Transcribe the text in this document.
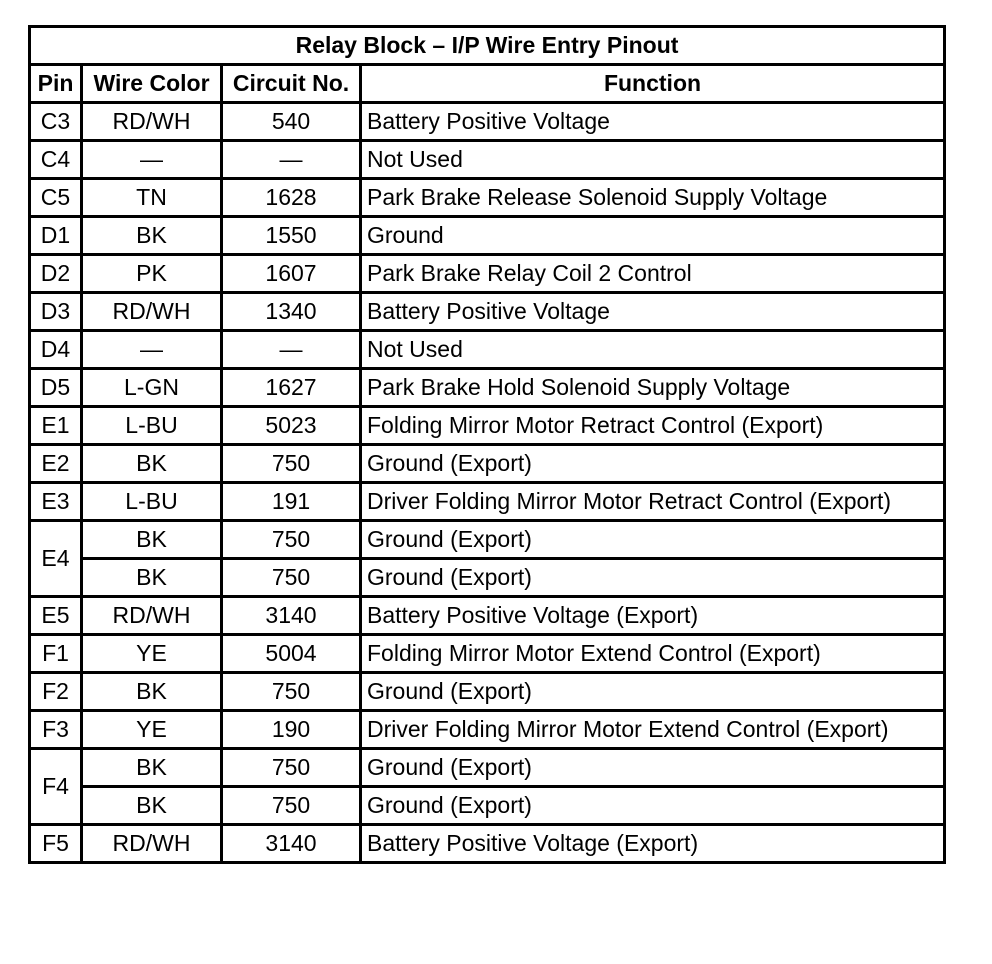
Relay Block – I/P Wire Entry Pinout			
Pin	Wire Color	Circuit No.	Function
C3	RD/WH	540	Battery Positive Voltage
C4	—	—	Not Used
C5	TN	1628	Park Brake Release Solenoid Supply Voltage
D1	BK	1550	Ground
D2	PK	1607	Park Brake Relay Coil 2 Control
D3	RD/WH	1340	Battery Positive Voltage
D4	—	—	Not Used
D5	L-GN	1627	Park Brake Hold Solenoid Supply Voltage
E1	L-BU	5023	Folding Mirror Motor Retract Control (Export)
E2	BK	750	Ground (Export)
E3	L-BU	191	Driver Folding Mirror Motor Retract Control (Export)
E4	BK	750	Ground (Export)
	BK	750	Ground (Export)
E5	RD/WH	3140	Battery Positive Voltage (Export)
F1	YE	5004	Folding Mirror Motor Extend Control (Export)
F2	BK	750	Ground (Export)
F3	YE	190	Driver Folding Mirror Motor Extend Control (Export)
F4	BK	750	Ground (Export)
	BK	750	Ground (Export)
F5	RD/WH	3140	Battery Positive Voltage (Export)
